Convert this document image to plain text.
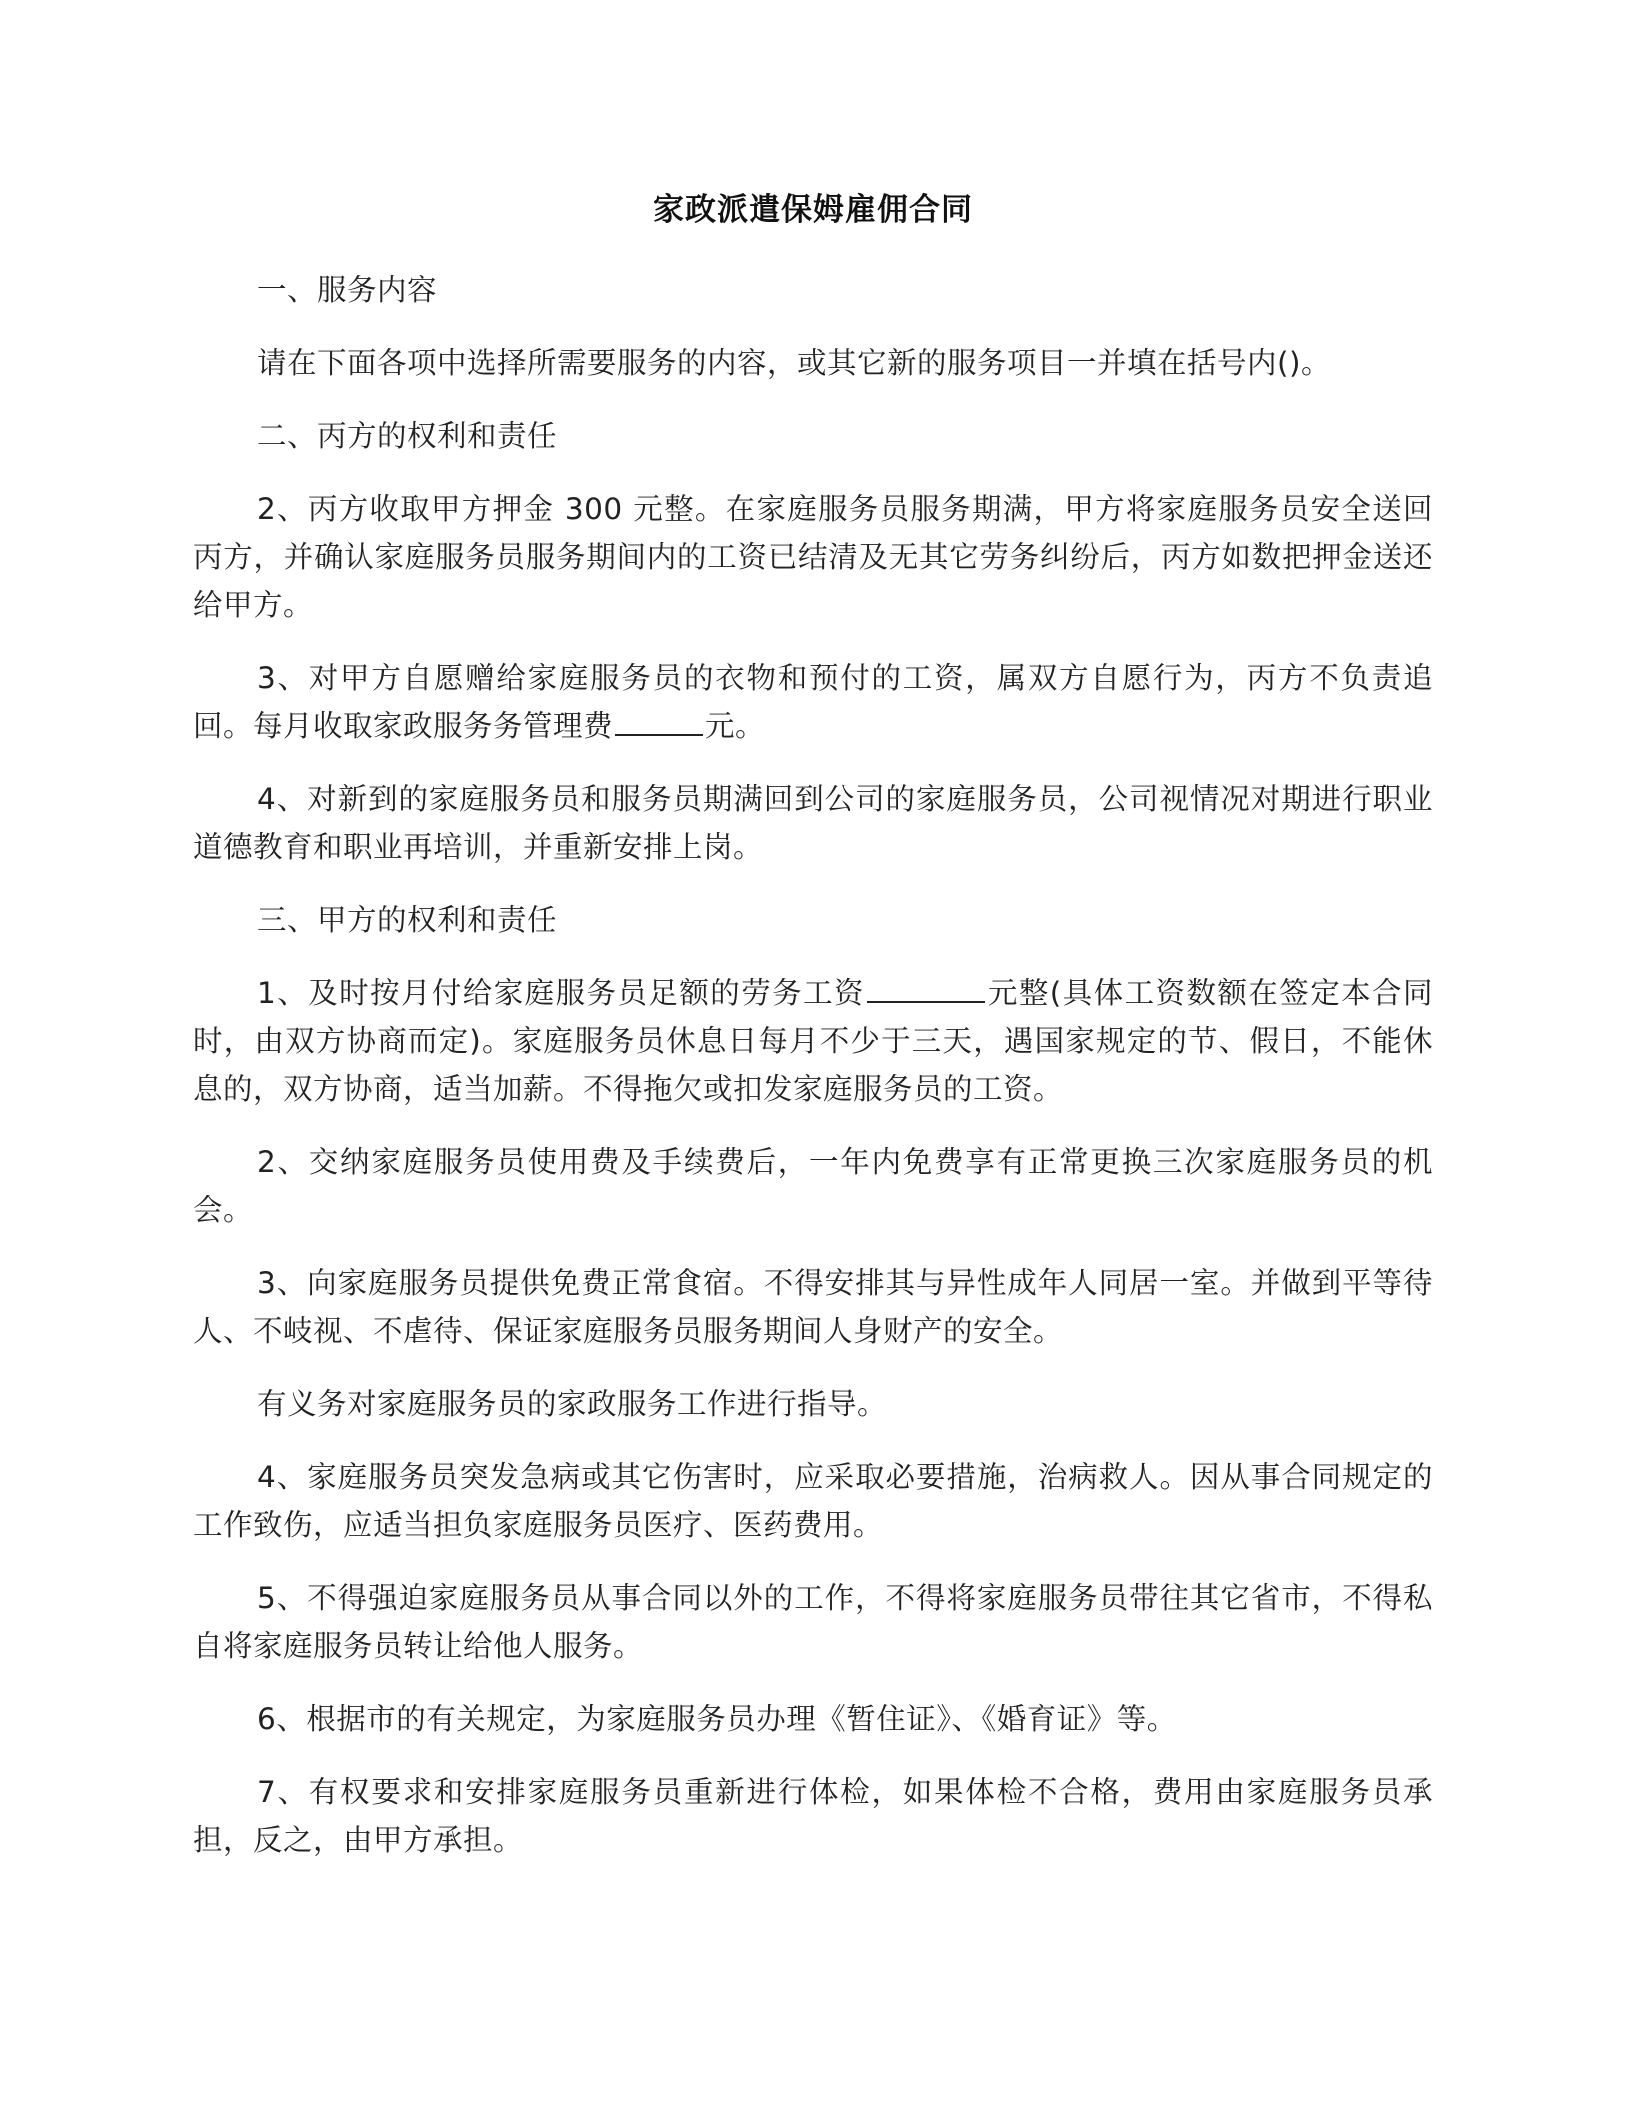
家政派遣保姆雇佣合同

一、服务内容

请在下面各项中选择所需要服务的内容，或其它新的服务项目一并填在括号内()。

二、丙方的权利和责任

2、丙方收取甲方押金 300 元整。在家庭服务员服务期满，甲方将家庭服务员安全送回丙方，并确认家庭服务员服务期间内的工资已结清及无其它劳务纠纷后，丙方如数把押金送还给甲方。

3、对甲方自愿赠给家庭服务员的衣物和预付的工资，属双方自愿行为，丙方不负责追回。每月收取家政服务务管理费	元。

4、对新到的家庭服务员和服务员期满回到公司的家庭服务员，公司视情况对期进行职业道德教育和职业再培训，并重新安排上岗。

三、甲方的权利和责任

1、及时按月付给家庭服务员足额的劳务工资	元整(具体工资数额在签定本合同时，由双方协商而定)。家庭服务员休息日每月不少于三天，遇国家规定的节、假日，不能休息的，双方协商，适当加薪。不得拖欠或扣发家庭服务员的工资。

2、交纳家庭服务员使用费及手续费后，一年内免费享有正常更换三次家庭服务员的机会。

3、向家庭服务员提供免费正常食宿。不得安排其与异性成年人同居一室。并做到平等待人、不岐视、不虐待、保证家庭服务员服务期间人身财产的安全。

有义务对家庭服务员的家政服务工作进行指导。

4、家庭服务员突发急病或其它伤害时，应采取必要措施，治病救人。因从事合同规定的工作致伤，应适当担负家庭服务员医疗、医药费用。

5、不得强迫家庭服务员从事合同以外的工作，不得将家庭服务员带往其它省市，不得私自将家庭服务员转让给他人服务。

6、根据市的有关规定，为家庭服务员办理《暂住证》、《婚育证》等。

7、有权要求和安排家庭服务员重新进行体检，如果体检不合格，费用由家庭服务员承担，反之，由甲方承担。
